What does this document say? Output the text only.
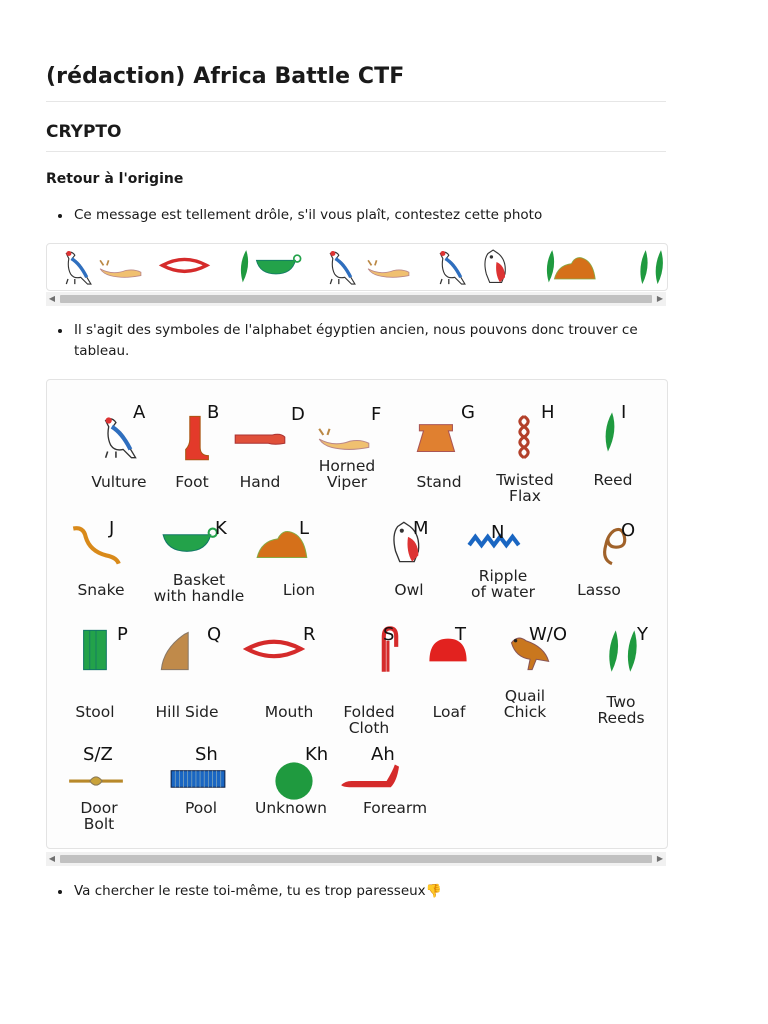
(rédaction) Africa Battle CTF
CRYPTO
Retour à l'origine
Ce message est tellement drôle, s'il vous plaît, contestez cette photo
◀	▶
Il s'agit des symboles de l'alphabet égyptien ancien, nous pouvons donc trouver ce tableau.
A
Vulture
B
Foot
D
Hand
F
Horned
Viper
G
Stand
H
Twisted
Flax
I
Reed
J
Snake
K
Basket
with handle
L
Lion
M
Owl
N
Ripple
of water
O
Lasso
P
Stool
Q
Hill Side
R
Mouth
S
Folded
Cloth
T
Loaf
W/O
Quail
Chick
Y
Two
Reeds
S/Z
Door
Bolt
Sh
Pool
Kh
Unknown
Ah
Forearm
◀	▶
Va chercher le reste toi-même, tu es trop paresseux👎
